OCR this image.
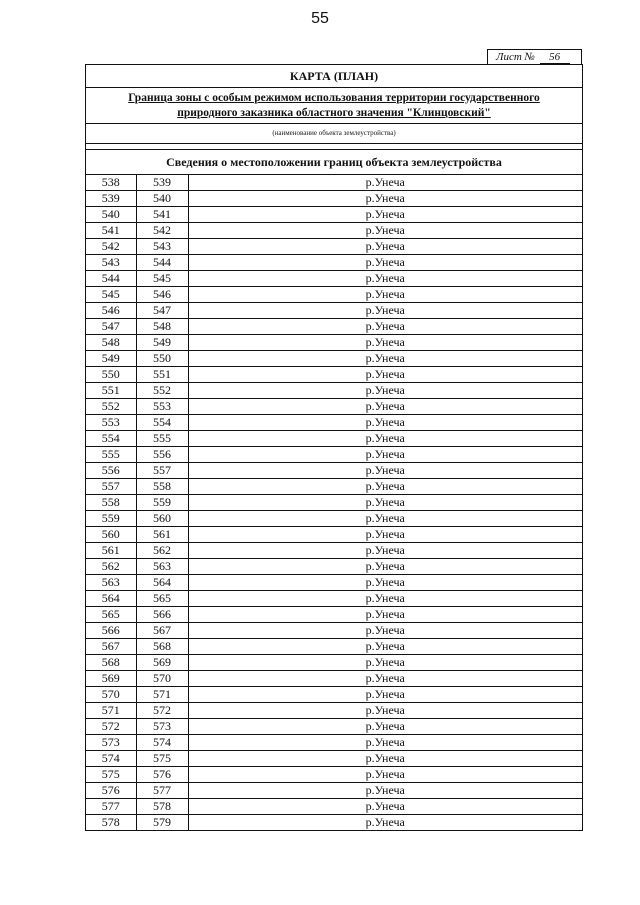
55
Лист № 56
КАРТА (ПЛАН)
Граница зоны с особым режимом использования территории государственного
природного заказника областного значения "Клинцовский"
(наименование объекта землеустройства)
Сведения о местоположении границ объекта землеустройства
538	539	р.Унеча
539	540	р.Унеча
540	541	р.Унеча
541	542	р.Унеча
542	543	р.Унеча
543	544	р.Унеча
544	545	р.Унеча
545	546	р.Унеча
546	547	р.Унеча
547	548	р.Унеча
548	549	р.Унеча
549	550	р.Унеча
550	551	р.Унеча
551	552	р.Унеча
552	553	р.Унеча
553	554	р.Унеча
554	555	р.Унеча
555	556	р.Унеча
556	557	р.Унеча
557	558	р.Унеча
558	559	р.Унеча
559	560	р.Унеча
560	561	р.Унеча
561	562	р.Унеча
562	563	р.Унеча
563	564	р.Унеча
564	565	р.Унеча
565	566	р.Унеча
566	567	р.Унеча
567	568	р.Унеча
568	569	р.Унеча
569	570	р.Унеча
570	571	р.Унеча
571	572	р.Унеча
572	573	р.Унеча
573	574	р.Унеча
574	575	р.Унеча
575	576	р.Унеча
576	577	р.Унеча
577	578	р.Унеча
578	579	р.Унеча
